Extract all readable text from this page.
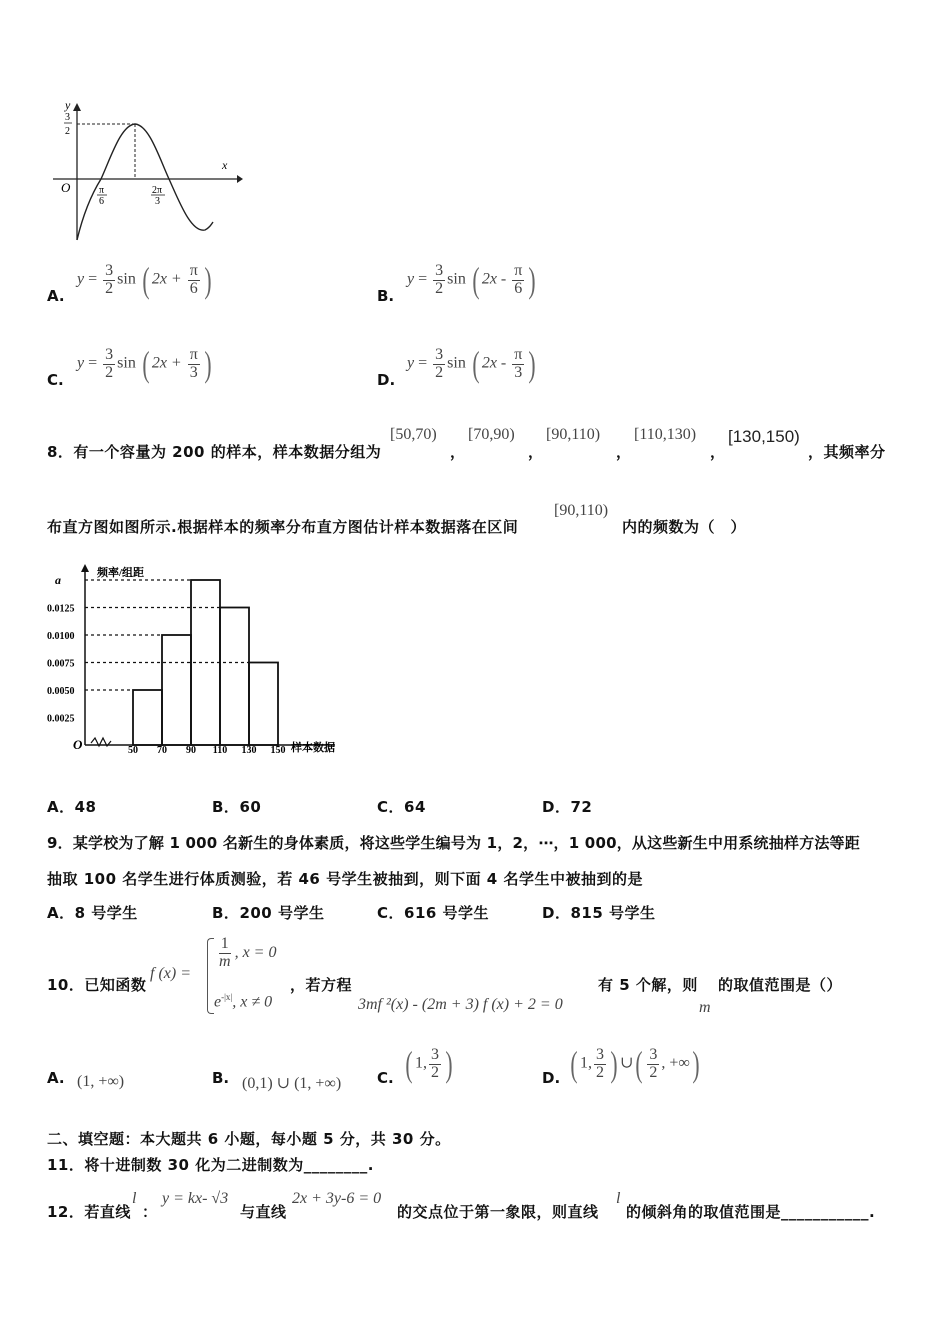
y
x
O
3
2
π
6
2π
3
A.
$y = \frac{3}{2}$ sin ( $2x + \frac{\pi}{6}$ )	B.
$y = \frac{3}{2}$ sin ( $2x - \frac{\pi}{6}$ )
C.
$y = \frac{3}{2}$ sin ( $2x + \frac{\pi}{3}$ )	D.
$y = \frac{3}{2}$ sin ( $2x - \frac{\pi}{3}$ )
8．有一个容量为 200 的样本，样本数据分组为
[50,70)
，
[70,90)
，
[90,110)
，
[110,130)
，
[130,150)
，其频率分
布直方图如图所示.根据样本的频率分布直方图估计样本数据落在区间
[90,110)
内的频数为（　）
O
频率/组距
样本数据
0.0025
0.0050
0.0075
0.0100
0.0125
a
50 70 90 110 130 150
A．48	B．60	C．64	D．72
9．某学校为了解 1 000 名新生的身体素质，将这些学生编号为 1，2，⋯，1 000，从这些新生中用系统抽样方法等距
抽取 100 名学生进行体质测验，若 46 号学生被抽到，则下面 4 名学生中被抽到的是
A．8 号学生	B．200 号学生	C．616 号学生	D．815 号学生
10．已知函数
f (x) =
$\frac{1}{m}$ , x = 0
$e^{-|x|}$, x ≠ 0
，若方程
3mf ²(x) - (2m + 3) f (x) + 2 = 0
有 5 个解，则
m
的取值范围是（）
A. (1, +∞)	B. (0,1) ∪ (1, +∞) C. ( 1, $\frac{3}{2}$ )	D. ( 1, $\frac{3}{2}$ ) ∪( $\frac{3}{2}$ , +∞)
二、填空题：本大题共 6 小题，每小题 5 分，共 30 分。
11．将十进制数 30 化为二进制数为________.
12．若直线
l
：
y = kx- √3
与直线
2x + 3y-6 = 0
的交点位于第一象限，则直线
l
的倾斜角的取值范围是___________.
